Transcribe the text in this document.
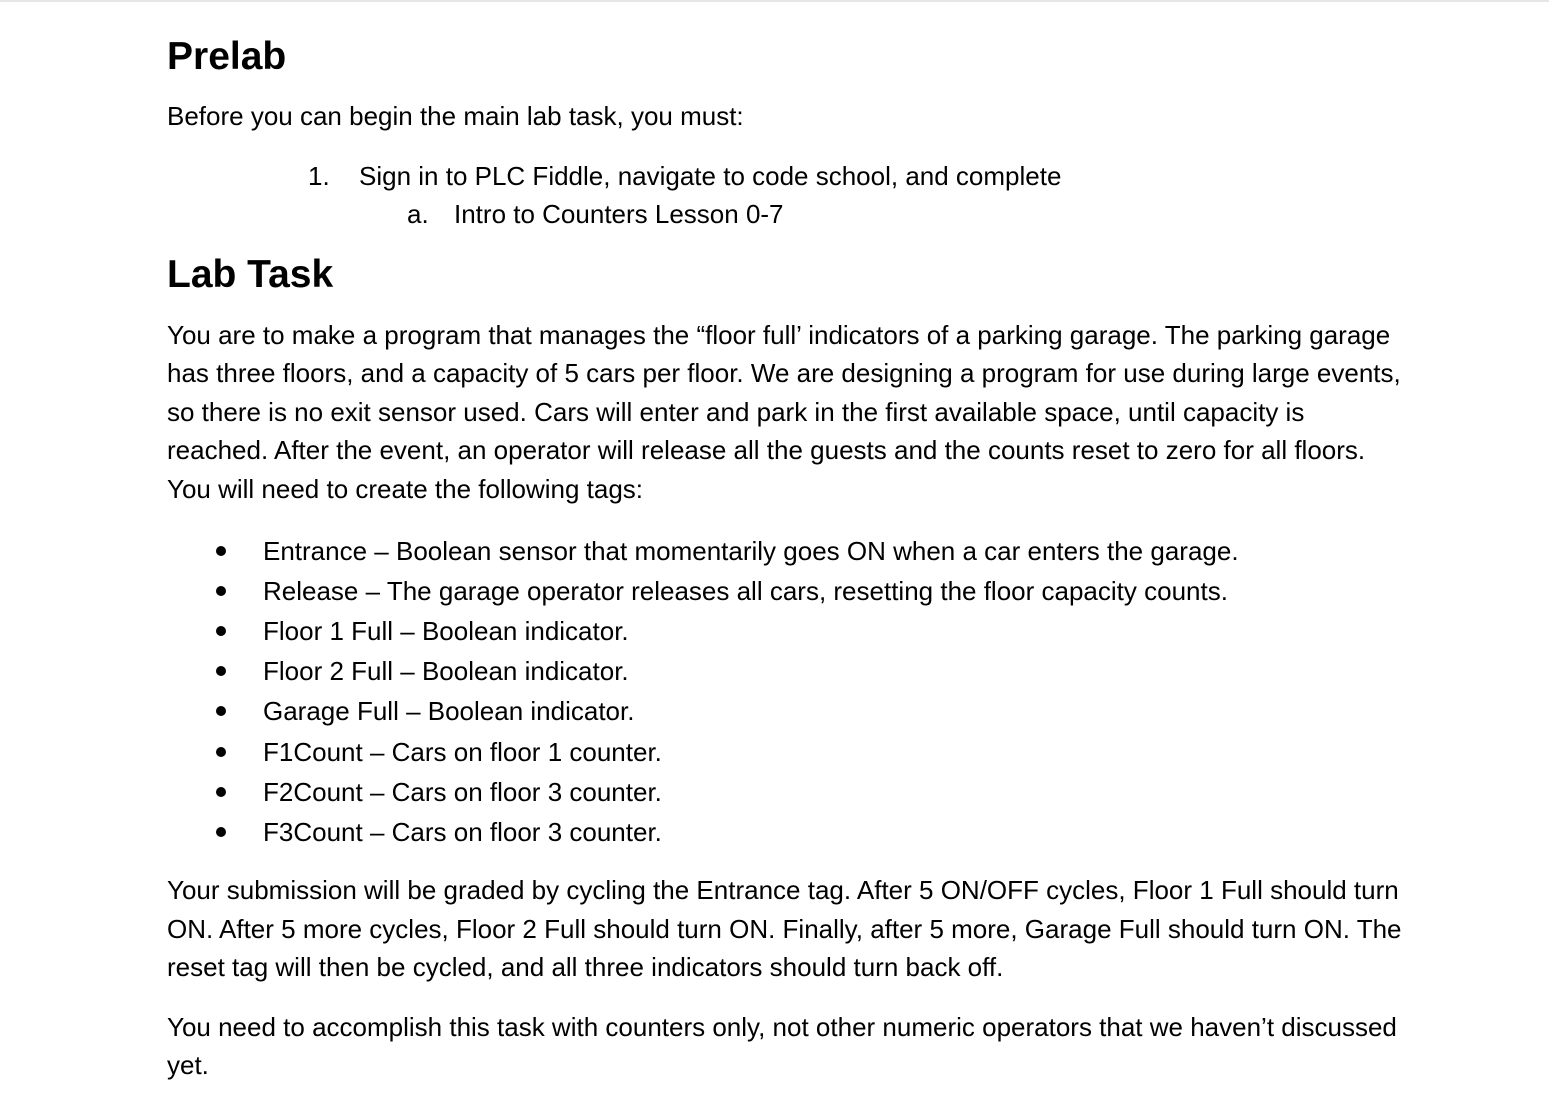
Prelab

Before you can begin the main lab task, you must:

1. Sign in to PLC Fiddle, navigate to code school, and complete
a. Intro to Counters Lesson 0-7
Lab Task

You are to make a program that manages the “floor full’ indicators of a parking garage. The parking garage has three floors, and a capacity of 5 cars per floor. We are designing a program for use during large events, so there is no exit sensor used. Cars will enter and park in the first available space, until capacity is reached. After the event, an operator will release all the guests and the counts reset to zero for all floors. You will need to create the following tags:

Entrance – Boolean sensor that momentarily goes ON when a car enters the garage.
Release – The garage operator releases all cars, resetting the floor capacity counts.
Floor 1 Full – Boolean indicator.
Floor 2 Full – Boolean indicator.
Garage Full – Boolean indicator.
F1Count – Cars on floor 1 counter.
F2Count – Cars on floor 3 counter.
F3Count – Cars on floor 3 counter.

Your submission will be graded by cycling the Entrance tag. After 5 ON/OFF cycles, Floor 1 Full should turn ON. After 5 more cycles, Floor 2 Full should turn ON. Finally, after 5 more, Garage Full should turn ON. The reset tag will then be cycled, and all three indicators should turn back off.

You need to accomplish this task with counters only, not other numeric operators that we haven’t discussed yet.
